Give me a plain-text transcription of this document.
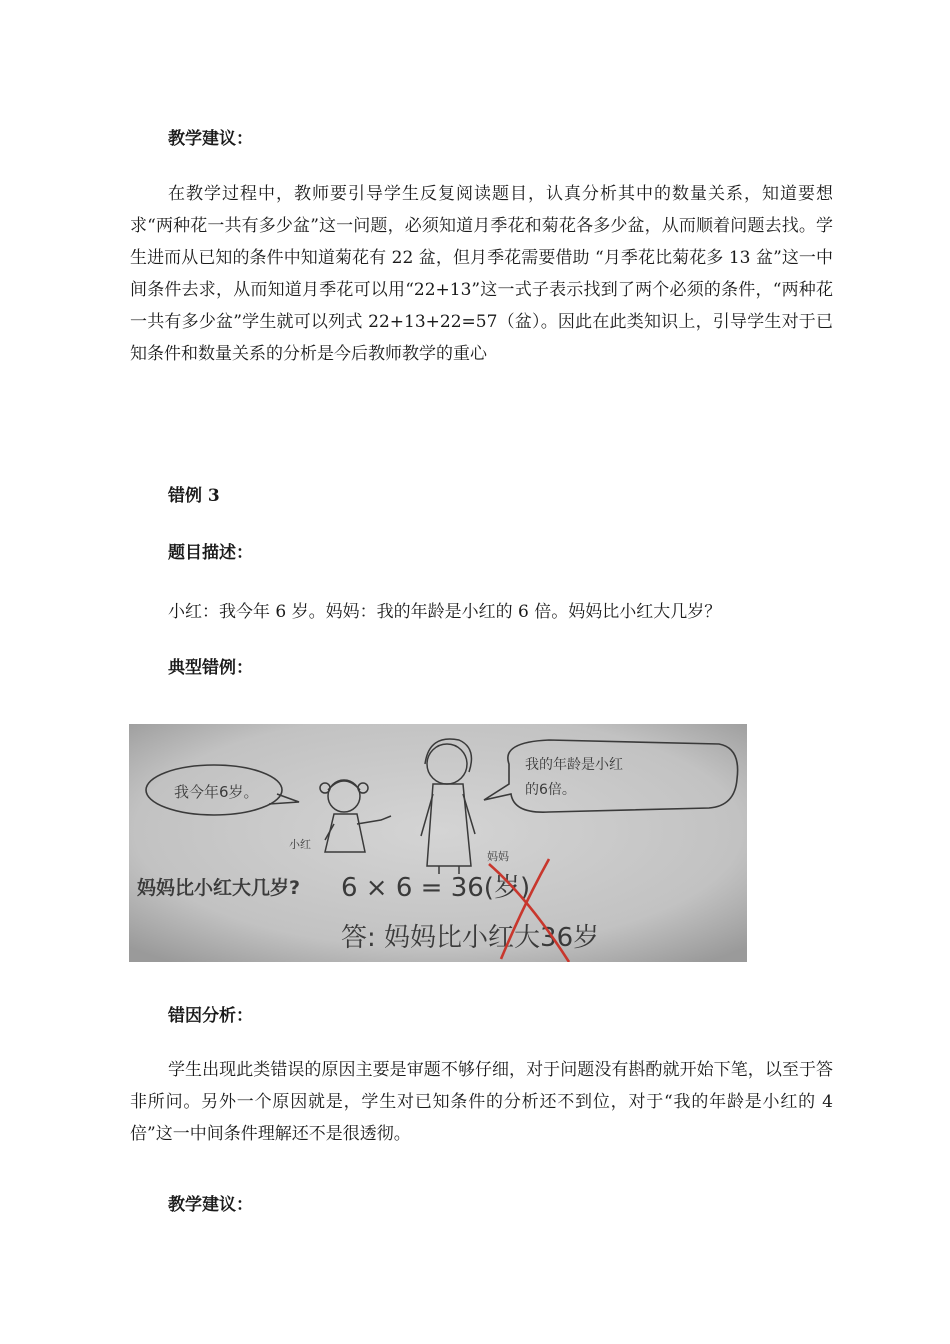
教学建议：

在教学过程中，教师要引导学生反复阅读题目，认真分析其中的数量关系，知道要想求“两种花一共有多少盆”这一问题，必须知道月季花和菊花各多少盆，从而顺着问题去找。学生进而从已知的条件中知道菊花有 22 盆，但月季花需要借助 “月季花比菊花多 13 盆”这一中间条件去求，从而知道月季花可以用“22+13”这一式子表示找到了两个必须的条件，“两种花一共有多少盆”学生就可以列式 22+13+22=57（盆）。因此在此类知识上，引导学生对于已知条件和数量关系的分析是今后教师教学的重心

错例 3

题目描述：

小红：我今年 6 岁。妈妈：我的年龄是小红的 6 倍。妈妈比小红大几岁？

典型错例：

我今年6岁。
我的年龄是小红
的6倍。
小红
妈妈
妈妈比小红大几岁? 6 × 6 = 36(岁)
答: 妈妈比小红大36岁

错因分析：

学生出现此类错误的原因主要是审题不够仔细，对于问题没有斟酌就开始下笔，以至于答非所问。另外一个原因就是，学生对已知条件的分析还不到位，对于“我的年龄是小红的 4 倍”这一中间条件理解还不是很透彻。

教学建议：
